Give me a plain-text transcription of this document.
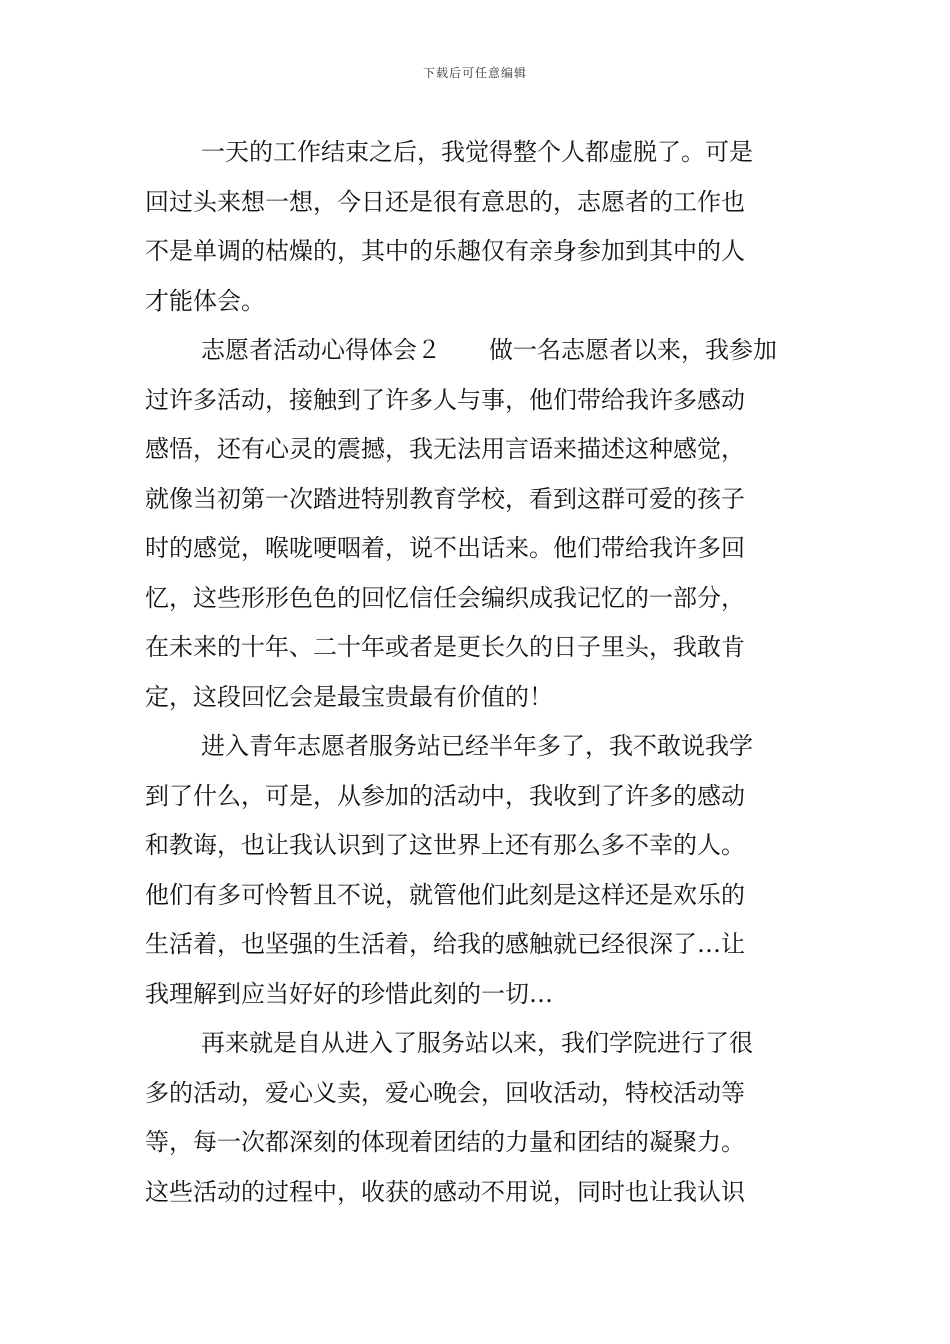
下载后可任意编辑

一天的工作结束之后，我觉得整个人都虚脱了。可是
回过头来想一想，今日还是很有意思的，志愿者的工作也
不是单调的枯燥的，其中的乐趣仅有亲身参加到其中的人
才能体会。

志愿者活动心得体会２　　做一名志愿者以来，我参加
过许多活动，接触到了许多人与事，他们带给我许多感动
感悟，还有心灵的震撼，我无法用言语来描述这种感觉，
就像当初第一次踏进特别教育学校，看到这群可爱的孩子
时的感觉，喉咙哽咽着，说不出话来。他们带给我许多回
忆，这些形形色色的回忆信任会编织成我记忆的一部分，
在未来的十年、二十年或者是更长久的日子里头，我敢肯
定，这段回忆会是最宝贵最有价值的！

进入青年志愿者服务站已经半年多了，我不敢说我学
到了什么，可是，从参加的活动中，我收到了许多的感动
和教诲，也让我认识到了这世界上还有那么多不幸的人。
他们有多可怜暂且不说，就管他们此刻是这样还是欢乐的
生活着，也坚强的生活着，给我的感触就已经很深了…让
我理解到应当好好的珍惜此刻的一切…

再来就是自从进入了服务站以来，我们学院进行了很
多的活动，爱心义卖，爱心晚会，回收活动，特校活动等
等，每一次都深刻的体现着团结的力量和团结的凝聚力。
这些活动的过程中，收获的感动不用说，同时也让我认识
